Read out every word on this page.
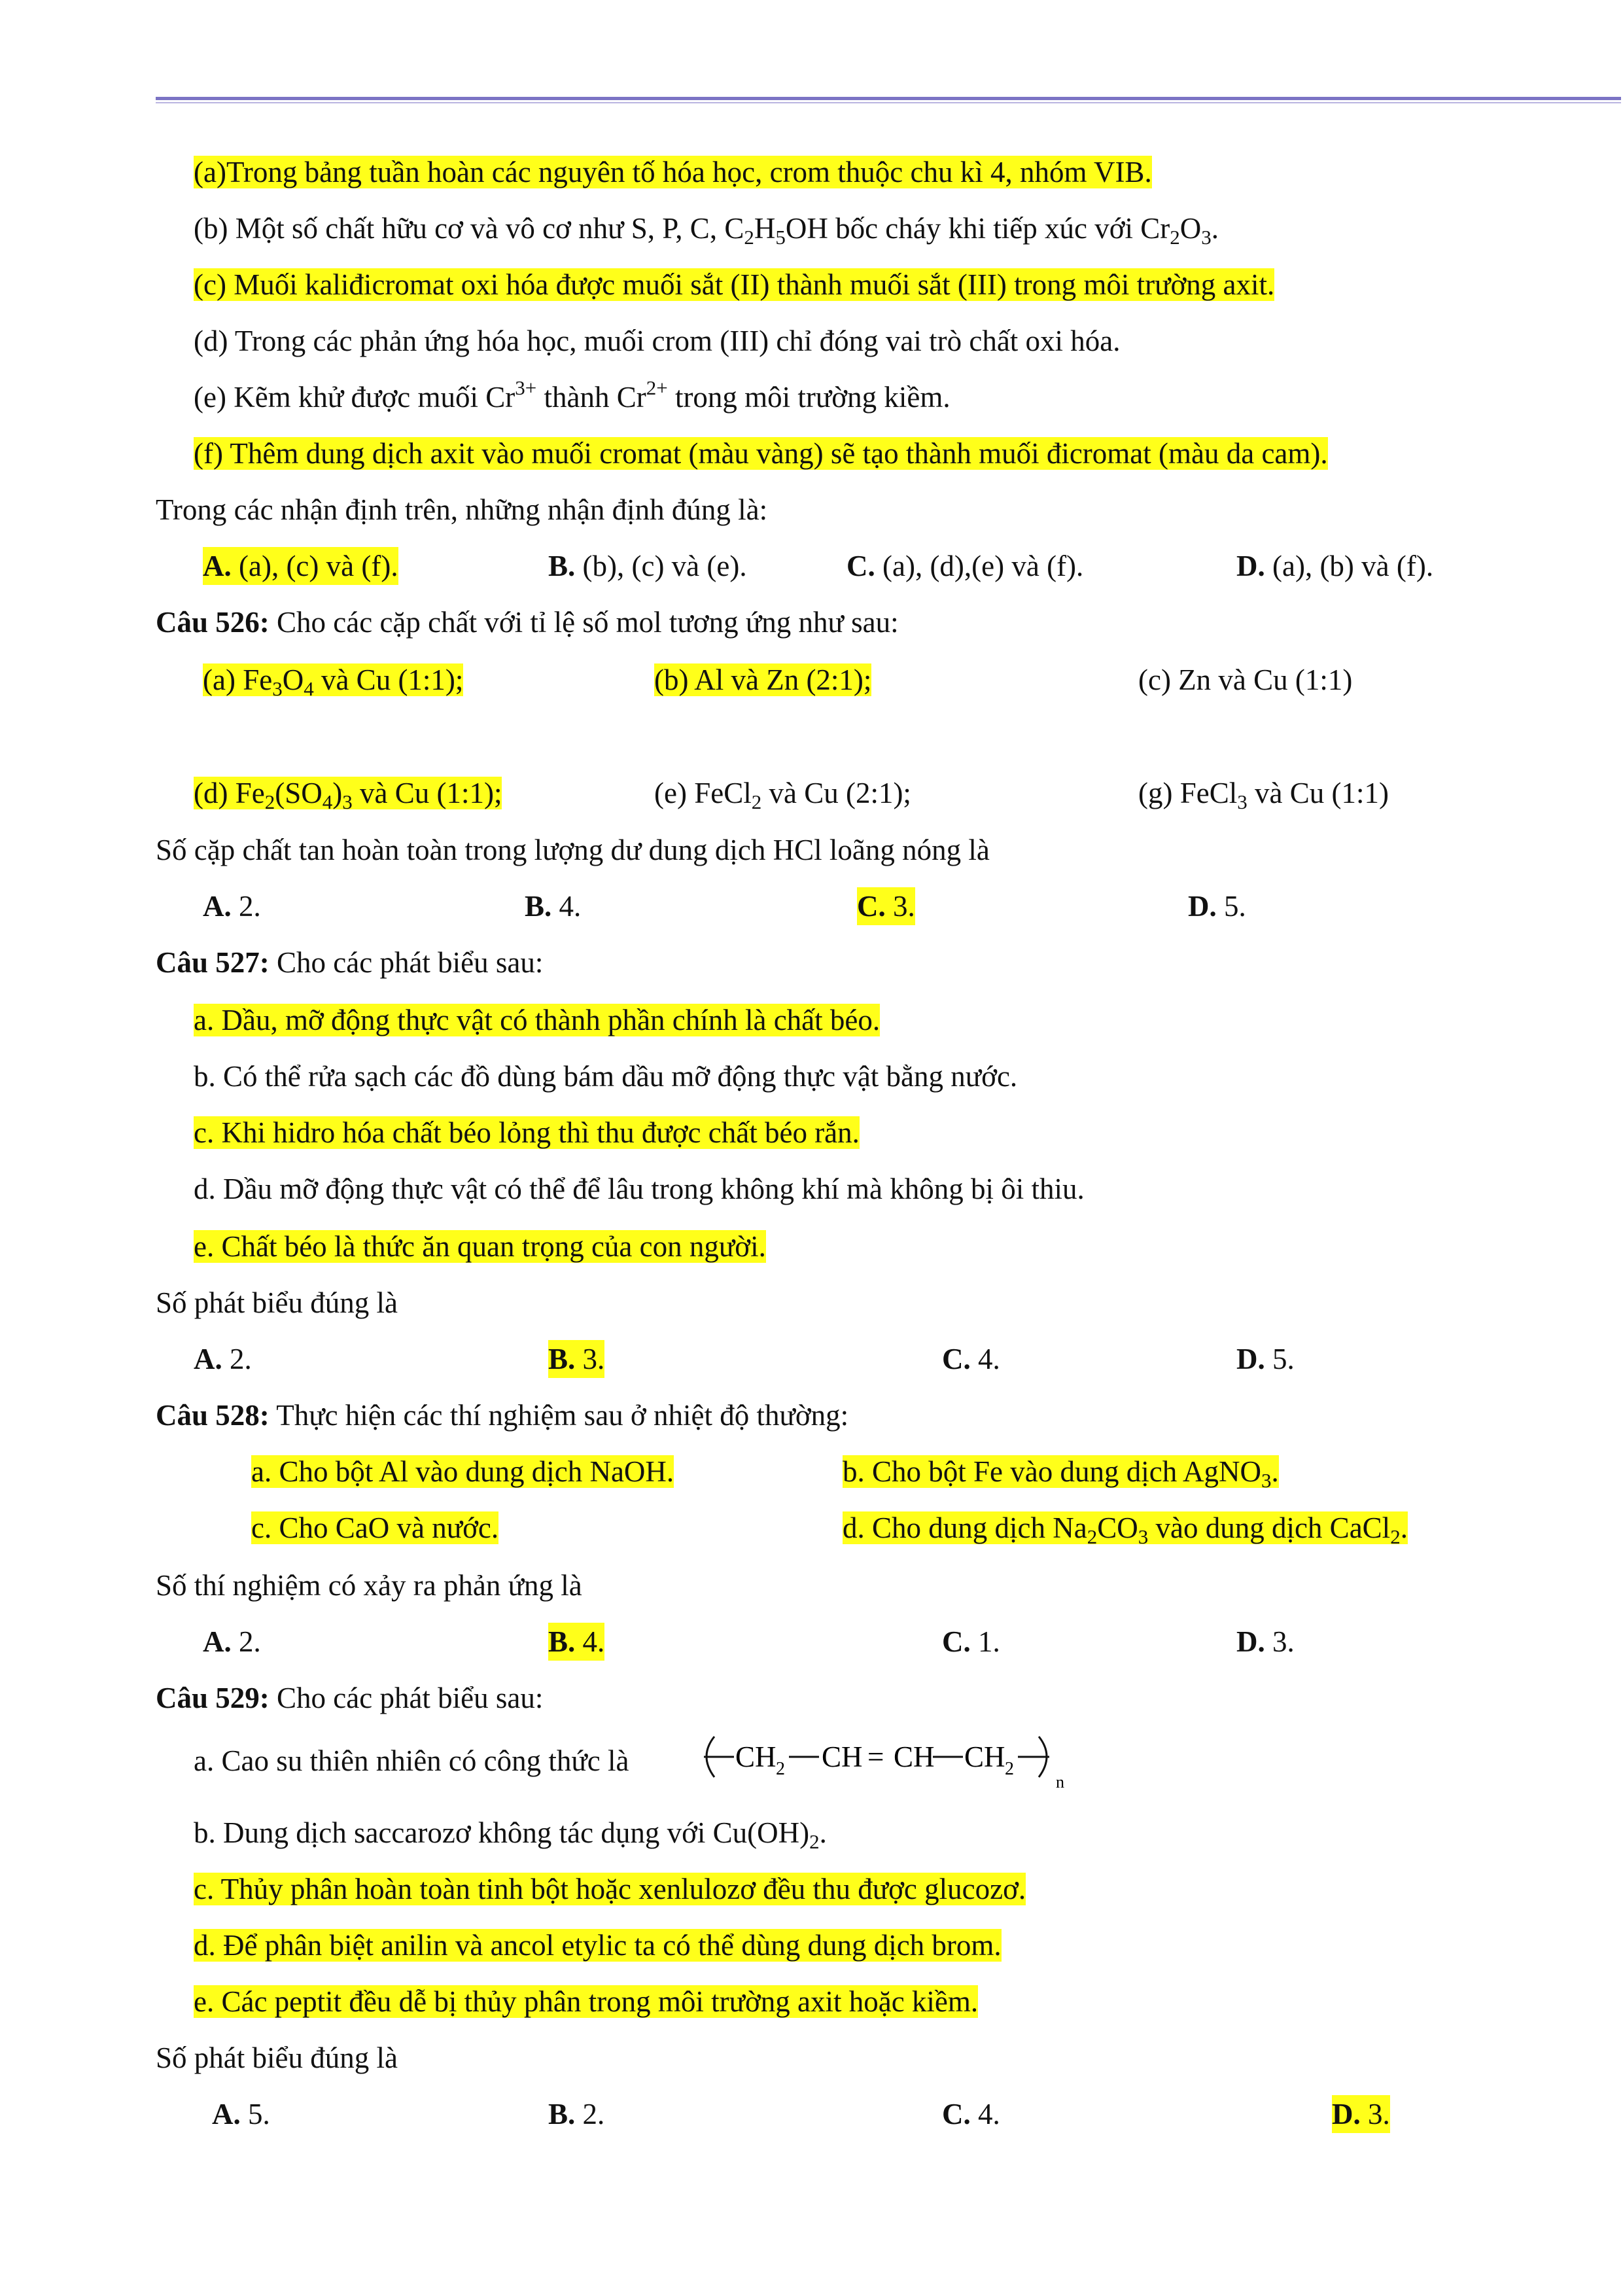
(a)Trong bảng tuần hoàn các nguyên tố hóa học, crom thuộc chu kì 4, nhóm VIB.
(b) Một số chất hữu cơ và vô cơ như S, P, C, $C_2H_5OH$ bốc cháy khi tiếp xúc với $Cr_2O_3$.
(c) Muối kaliđicromat oxi hóa được muối sắt (II) thành muối sắt (III) trong môi trường axit.
(d) Trong các phản ứng hóa học, muối crom (III) chỉ đóng vai trò chất oxi hóa.
(e) Kẽm khử được muối $Cr^{3+}$ thành $Cr^{2+}$ trong môi trường kiềm.
(f) Thêm dung dịch axit vào muối cromat (màu vàng) sẽ tạo thành muối đicromat (màu da cam).
Trong các nhận định trên, những nhận định đúng là:
A. (a), (c) và (f).	B. (b), (c) và (e).	C. (a), (d),(e) và (f).	D. (a), (b) và (f).
Câu 526: Cho các cặp chất với tỉ lệ số mol tương ứng như sau:
(a) $Fe_3O_4$ và Cu (1:1);	(b) Al và Zn (2:1);	(c) Zn và Cu (1:1)
(d) $Fe_2(SO_4)_3$ và Cu (1:1);	(e) FeCl$_2$ và Cu (2:1);	(g) FeCl$_3$ và Cu (1:1)
Số cặp chất tan hoàn toàn trong lượng dư dung dịch HCl loãng nóng là
A. 2.	B. 4.	C. 3.	D. 5.
Câu 527: Cho các phát biểu sau:
a. Dầu, mỡ động thực vật có thành phần chính là chất béo.
b. Có thể rửa sạch các đồ dùng bám dầu mỡ động thực vật bằng nước.
c. Khi hidro hóa chất béo lỏng thì thu được chất béo rắn.
d. Dầu mỡ động thực vật có thể để lâu trong không khí mà không bị ôi thiu.
e. Chất béo là thức ăn quan trọng của con người.
Số phát biểu đúng là
A. 2.	B. 3.	C. 4.	D. 5.
Câu 528: Thực hiện các thí nghiệm sau ở nhiệt độ thường:
a. Cho bột Al vào dung dịch NaOH.	b. Cho bột Fe vào dung dịch AgNO$_3$.
c. Cho CaO và nước.	d. Cho dung dịch $Na_2CO_3$ vào dung dịch CaCl$_2$.
Số thí nghiệm có xảy ra phản ứng là
A. 2.	B. 4.	C. 1.	D. 3.
Câu 529: Cho các phát biểu sau:
a. Cao su thiên nhiên có công thức là	CH 2 CH = CH CH 2
n
b. Dung dịch saccarozơ không tác dụng với $Cu(OH)_2$.
c. Thủy phân hoàn toàn tinh bột hoặc xenlulozơ đều thu được glucozơ.
d. Để phân biệt anilin và ancol etylic ta có thể dùng dung dịch brom.
e. Các peptit đều dễ bị thủy phân trong môi trường axit hoặc kiềm.
Số phát biểu đúng là
A. 5.	B. 2.	C. 4.	D. 3.
